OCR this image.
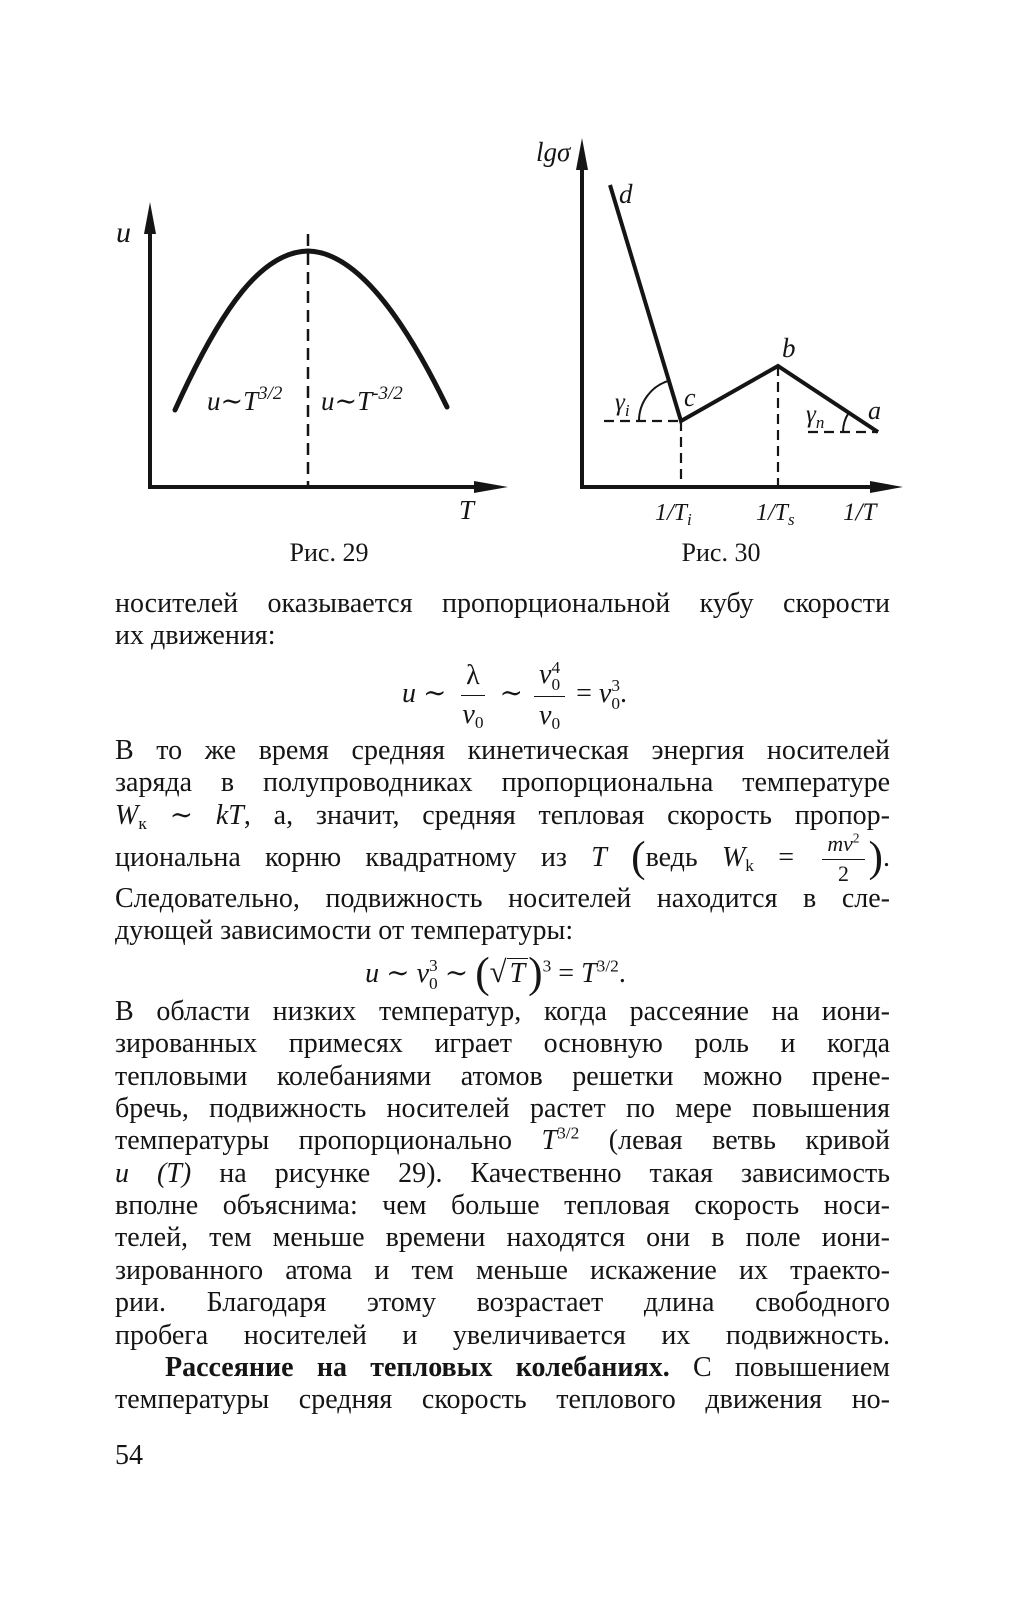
u
T
$u\sim T^{3/2}$ $u\sim T^{-3/2}$
Рис. 29
lgσ
d
c
b
a
$\gamma_i$	$\gamma_n$
$1/T_i$	$1/T_s$ 1/T
Рис. 30
носителей оказывается пропорциональной кубу скорости
их движения:
u ∼ $\frac{\lambda}{v_0}$ ∼ v 4
0
$v_0 = v$ 3
0 .
В то же время средняя кинетическая энергия носителей
заряда в полупроводниках пропорциональна температуре
$W_к$ ∼ kT, а, значит, средняя тепловая скорость пропор-
циональна корню квадратному из T (ведь $W_k = \frac{mv^2}{2}$ ).
Следовательно, подвижность носителей находится в сле-
дующей зависимости от температуры:
u ∼ v 3
0 ∼ (√ $T)^3 = T^{3/2}$.
В области низких температур, когда рассеяние на иони-
зированных примесях играет основную роль и когда
тепловыми колебаниями атомов решетки можно прене-
бречь, подвижность носителей растет по мере повышения
температуры пропорционально $T^{3/2}$ (левая ветвь кривой
u (T) на рисунке 29). Качественно такая зависимость
вполне объяснима: чем больше тепловая скорость носи-
телей, тем меньше времени находятся они в поле иони-
зированного атома и тем меньше искажение их траекто-
рии. Благодаря этому возрастает длина свободного
пробега носителей и увеличивается их подвижность.
Рассеяние на тепловых колебаниях. С повышением
температуры средняя скорость теплового движения но-
54
